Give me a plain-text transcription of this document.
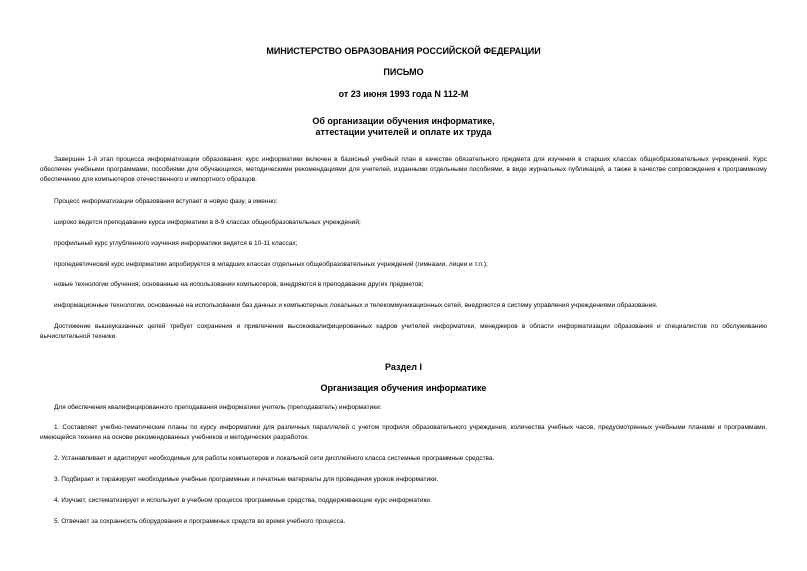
МИНИСТЕРСТВО ОБРАЗОВАНИЯ РОССИЙСКОЙ ФЕДЕРАЦИИ
ПИСЬМО
от 23 июня 1993 года N 112-М
Об организации обучения информатике,
аттестации учителей и оплате их труда
Завершен 1-й этап процесса информатизации образования: курс информатики включен в базисный учебный план в качестве обязательного предмета для изучения в старших классах общеобразовательных учреждений. Курс обеспечен учебными программами, пособиями для обучающихся, методическими рекомендациями для учителей, изданными отдельными пособиями, в виде журнальных публикаций, а также в качестве сопровождения к программному обеспечению для компьютеров отечественного и импортного образцов.
Процесс информатизации образования вступает в новую фазу, а именно:
широко ведется преподавание курса информатики в 8-9 классах общеобразовательных учреждений;
профильный курс углубленного изучения информатики ведется в 10-11 классах;
пропедевтический курс информатики апробируется в младших классах отдельных общеобразовательных учреждений (гимназии, лицеи и т.п.);
новые технологии обучения, основанные на использовании компьютеров, внедряются в преподавание других предметов;
информационные технологии, основанные на использовании баз данных и компьютерных локальных и телекоммуникационных сетей, внедряются в систему управления учреждениями образования.
Достижение вышеуказанных целей требует сохранения и привлечения высококвалифицированных кадров учителей информатики, менеджеров в области информатизации образования и специалистов по обслуживанию вычислительной техники.
Раздел I
Организация обучения информатике
Для обеспечения квалифицированного преподавания информатики учитель (преподаватель) информатики:
1. Составляет учебно-тематические планы по курсу информатики для различных параллелей с учетом профиля образовательного учреждения, количества учебных часов, предусмотренных учебными планами и программами, имеющейся техники на основе рекомендованных учебников и методических разработок.
2. Устанавливает и адаптирует необходимые для работы компьютеров и локальной сети дисплейного класса системные программные средства.
3. Подбирает и тиражирует необходимые учебные программные и печатные материалы для проведения уроков информатики.
4. Изучает, систематизирует и использует в учебном процессе программные средства, поддерживающие курс информатики.
5. Отвечает за сохранность оборудования и программных средств во время учебного процесса.
